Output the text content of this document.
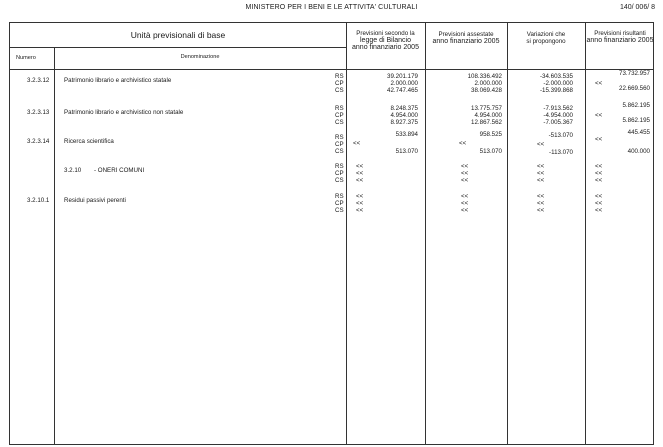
MINISTERO PER I BENI E LE ATTIVITA' CULTURALI	140/ 006/ 8
Unità previsionali di base
Numero	Denominazione
Previsioni secondo la
legge di Bilancio
anno finanziario 2005
Previsioni assestate
anno finanziario 2005
Variazioni che
si propongono
Previsioni risultanti
anno finanziario 2005
3.2.3.12 Patrimonio librario e archivistico statale
RS
CP
CS
39.201.179
2.000.000
42.747.465
108.336.492
2.000.000
38.069.428
-34.603.535
-2.000.000
-15.399.868
73.732.957
<<
22.669.560
3.2.3.13 Patrimonio librario e archivistico non statale
RS
CP
CS
8.248.375
4.954.000
8.927.375
13.775.757
4.954.000
12.867.562
-7.913.562
-4.954.000
-7.005.367
5.862.195
<<
5.862.195
3.2.3.14 Ricerca scientifica
RS
CP
CS
533.894
<<
513.070
958.525
<<
513.070
-513.070
<<
-113.070
445.455
<<
400.000
3.2.10 - ONERI COMUNI
RS
CP
CS
<<
<<
<<
<<
<<
<<
<<
<<
<<
<<
<<
<<
3.2.10.1 Residui passivi perenti
RS
CP
CS
<<
<<
<<
<<
<<
<<
<<
<<
<<
<<
<<
<<
